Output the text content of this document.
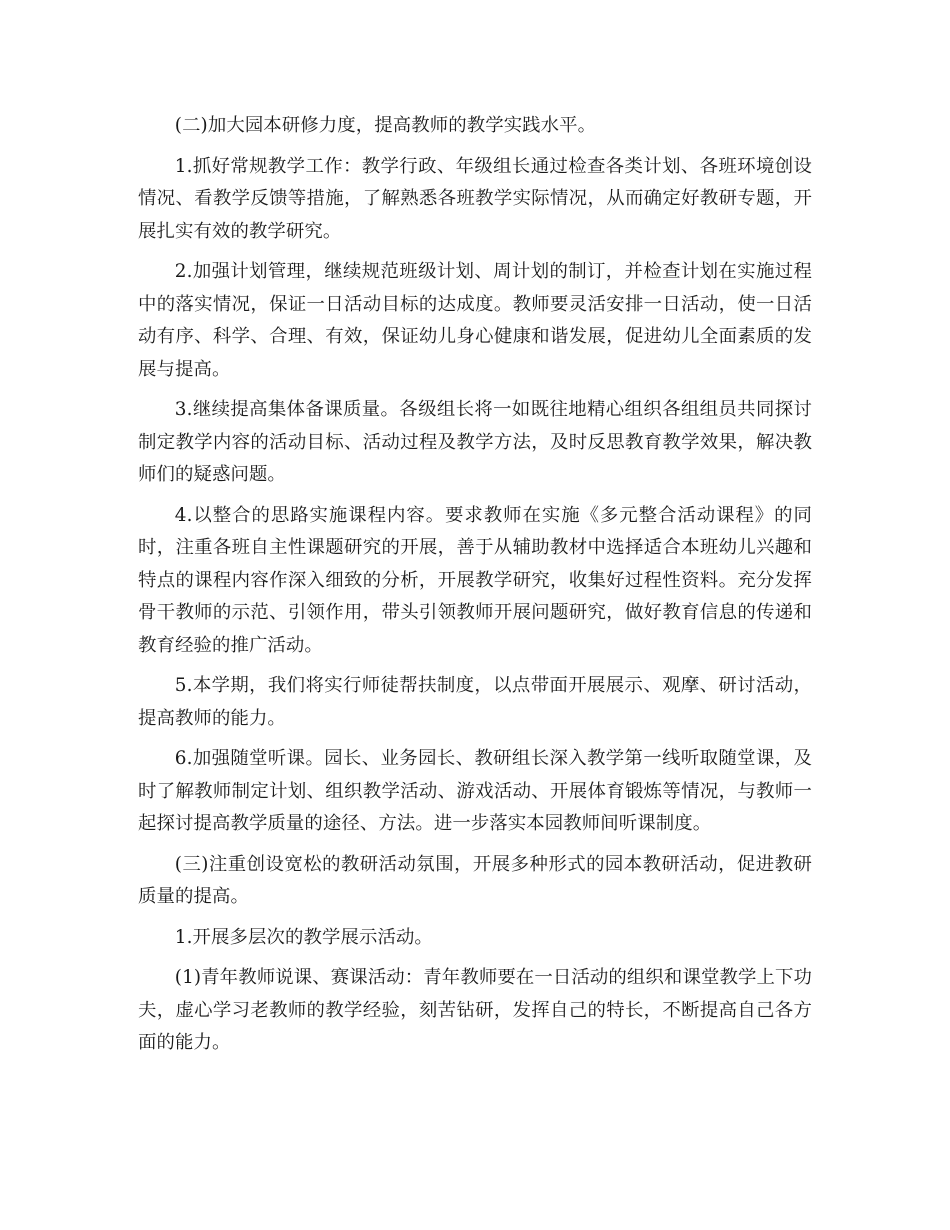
(二)加大园本研修力度，提高教师的教学实践水平。

1.抓好常规教学工作：教学行政、年级组长通过检查各类计划、各班环境创设情况、看教学反馈等措施，了解熟悉各班教学实际情况，从而确定好教研专题，开展扎实有效的教学研究。

2.加强计划管理，继续规范班级计划、周计划的制订，并检查计划在实施过程中的落实情况，保证一日活动目标的达成度。教师要灵活安排一日活动，使一日活动有序、科学、合理、有效，保证幼儿身心健康和谐发展，促进幼儿全面素质的发展与提高。

3.继续提高集体备课质量。各级组长将一如既往地精心组织各组组员共同探讨制定教学内容的活动目标、活动过程及教学方法，及时反思教育教学效果，解决教师们的疑惑问题。

4.以整合的思路实施课程内容。要求教师在实施《多元整合活动课程》的同时，注重各班自主性课题研究的开展，善于从辅助教材中选择适合本班幼儿兴趣和特点的课程内容作深入细致的分析，开展教学研究，收集好过程性资料。充分发挥骨干教师的示范、引领作用，带头引领教师开展问题研究，做好教育信息的传递和教育经验的推广活动。

5.本学期，我们将实行师徒帮扶制度，以点带面开展展示、观摩、研讨活动，提高教师的能力。

6.加强随堂听课。园长、业务园长、教研组长深入教学第一线听取随堂课，及时了解教师制定计划、组织教学活动、游戏活动、开展体育锻炼等情况，与教师一起探讨提高教学质量的途径、方法。进一步落实本园教师间听课制度。

(三)注重创设宽松的教研活动氛围，开展多种形式的园本教研活动，促进教研质量的提高。

1.开展多层次的教学展示活动。

(1)青年教师说课、赛课活动：青年教师要在一日活动的组织和课堂教学上下功夫，虚心学习老教师的教学经验，刻苦钻研，发挥自己的特长，不断提高自己各方面的能力。
